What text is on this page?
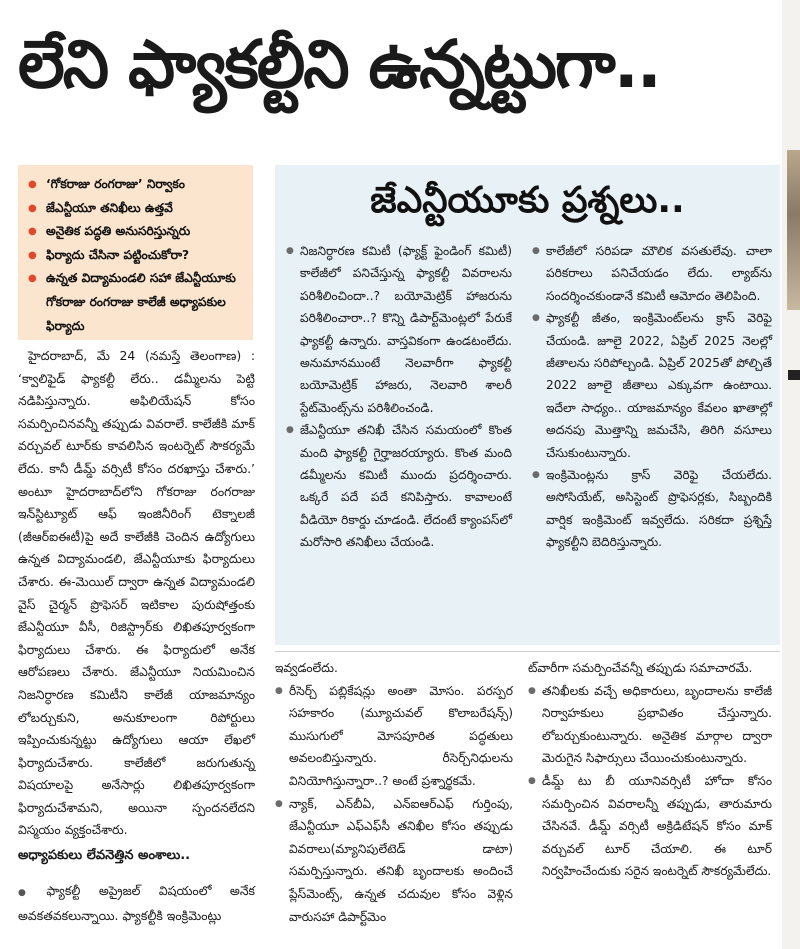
లేని ఫ్యాకల్టీని ఉన్నట్టుగా..
● ‘గోకరాజు రంగరాజు’ నిర్వాకం
● జేఎన్టీయూ తనిఖీలు ఉత్తవే
● అనైతిక పద్ధతి అనుసరిస్తున్నరు
● ఫిర్యాదు చేసినా పట్టించుకోరా?
● ఉన్నత విద్యామండలి సహా జేఎన్టీయూకు గోకరాజు రంగరాజు కాలేజీ అధ్యాపకుల ఫిర్యాదు

హైదరాబాద్, మే 24 (నమస్తే తెలంగాణ) : ‘క్వాలిఫైడ్ ఫ్యాకల్టీ లేరు.. డమ్మీలను పెట్టి నడిపిస్తున్నారు. అఫిలియేషన్ కోసం సమర్పించినవన్నీ తప్పుడు వివరాలే. కాలేజీకి మాక్ వర్చువల్ టూర్‌కు కావలిసిన ఇంటర్నెట్ సౌకర్యమే లేదు. కానీ డీమ్డ్ వర్సిటీ కోసం దరఖాస్తు చేశారు.’ అంటూ హైదరాబాద్‌లోని గోకరాజు రంగరాజు ఇన్‌స్టిట్యూట్ ఆఫ్ ఇంజినీరింగ్ టెక్నాలజీ (జీఆర్ఐఈటీ)పై అదే కాలేజీకి చెందిన ఉద్యోగులు ఉన్నత విద్యామండలి, జేఎన్టీయూకు ఫిర్యాదులు చేశారు. ఈ-మెయిల్ ద్వారా ఉన్నత విద్యామండలి వైస్ చైర్మన్ ప్రొఫెసర్ ఇటికాల పురుషోత్తంకు జేఎన్టీయూ వీసీ, రిజిస్ట్రార్‌కు లిఖితపూర్వకంగా ఫిర్యాదులు చేశారు. ఈ ఫిర్యాదులో అనేక ఆరోపణలు చేశారు. జేఎన్టీయూ నియమించిన నిజనిర్ధారణ కమిటీని కాలేజీ యాజమాన్యం లోబర్చుకుని, అనుకూలంగా రిపోర్టులు ఇప్పించుకున్నట్టు ఉద్యోగులు ఆయా లేఖలో ఫిర్యాదుచేశారు. కాలేజీలో జరుగుతున్న విషయాలపై అనేసార్లు లిఖితపూర్వకంగా ఫిర్యాదుచేశామని, అయినా స్పందనలేదని విస్మయం వ్యక్తంచేశారు.

అధ్యాపకులు లేవనెత్తిన అంశాలు..

● ఫ్యాకల్టీ అప్రైజల్ విషయంలో అనేక అవకతవకలున్నాయి. ఫ్యాకల్టీకి ఇంక్రిమెంట్లు

జేఎన్టీయూకు ప్రశ్నలు..
● నిజనిర్ధారణ కమిటీ (ఫ్యాక్ట్ ఫైండింగ్ కమిటీ) కాలేజీలో పనిచేస్తున్న ఫ్యాకల్టీ వివరాలను పరిశీలించిందా..? బయోమెట్రిక్ హాజరును పరిశీలించారా..? కొన్ని డిపార్ట్‌మెంట్లలో పేరుకే ఫ్యాకల్టీ ఉన్నారు. వాస్తవికంగా ఉండటంలేదు. అనుమానముంటే నెలవారీగా ఫ్యాకల్టీ బయోమెట్రిక్ హాజరు, నెలవారి శాలరీ స్టేట్‌మెంట్స్‌ను పరిశీలించండి.
● జేఎన్టీయూ తనిఖీ చేసిన సమయంలో కొంత మంది ఫ్యాకల్టీ గైర్హాజరయ్యారు. కొంత మంది డమ్మీలను కమిటీ ముందు ప్రదర్శించారు. ఒక్కరే పదే పదే కనిపిస్తారు. కావాలంటే వీడియో రికార్డు చూడండి. లేదంటే క్యాంపస్‌లో మరోసారి తనిఖీలు చేయండి.
● కాలేజీలో సరిపడా మౌలిక వసతులేవు. చాలా పరికరాలు పనిచేయడం లేదు. ల్యాబ్‌ను సందర్శించకుండానే కమిటీ ఆమోదం తెలిపింది.
● ఫ్యాకల్టీ జీతం, ఇంక్రిమెంట్‌లను క్రాస్ వెరిఫై చేయండి. జూలై 2022, ఏప్రిల్ 2025 నెలల్లో జీతాలను సరిపోల్చండి. ఏప్రిల్ 2025తో పోల్చితే 2022 జూలై జీతాలు ఎక్కువగా ఉంటాయి. ఇదేలా సాధ్యం.. యాజమాన్యం కేవలం ఖాతాల్లో అదనపు మొత్తాన్ని జమచేసి, తిరిగి వసూలు చేసుకుంటున్నారు.
● ఇంక్రిమెంట్లను క్రాస్ వెరిఫై చేయలేదు. అసోసియేట్, అసిస్టెంట్ ప్రొఫెసర్లకు, సిబ్బందికి వార్షిక ఇంక్రిమెంట్ ఇవ్వలేదు. సరికదా ప్రశ్నిస్తే ఫ్యాకల్టీని బెదిరిస్తున్నారు.

ఇవ్వడంలేదు.

● రీసెర్చ్ పబ్లికేషన్లు అంతా మోసం. పరస్పర సహకారం (మ్యూచువల్ కొలాబరేషన్స్) ముసుగులో మోసపూరిత పద్ధతులు అవలంబిస్తున్నారు. రీసెర్చ్‌నిధులను వినియోగిస్తున్నారా..? అంటే ప్రశ్నార్థకమే.
● న్యాక్, ఎన్‌బీఏ, ఎన్ఐఆర్ఎఫ్ గుర్తింపు, జేఎన్టీయూ ఎఫ్ఎఫ్‌సీ తనిఖీల కోసం తప్పుడు వివరాలు(మ్యానిపులేటెడ్ డాటా) సమర్పిస్తున్నారు. తనిఖీ బృందాలకు అందించే ప్లేస్‌మెంట్స్, ఉన్నత చదువుల కోసం వెళ్లిన వారుసహా డిపార్ట్‌మెం

ట్‌వారీగా సమర్పించేవన్నీ తప్పుడు సమాచారమే.

● తనిఖీలకు వచ్చే అధికారులు, బృందాలను కాలేజీ నిర్వాహకులు ప్రభావితం చేస్తున్నారు. లోబర్చుకుంటున్నారు. అనైతిక మార్గాల ద్వారా మెరుగైన సిఫార్సులు చేయించుకుంటున్నారు.
● డీమ్డ్ టు బీ యూనివర్సిటీ హోదా కోసం సమర్పించిన వివరాలన్నీ తప్పుడు, తారుమారు చేసినవే. డీమ్డ్ వర్సిటీ అక్రిడిటేషన్ కోసం మాక్ వర్చువల్ టూర్ చేయాలి. ఈ టూర్ నిర్వహించేందుకు సరైన ఇంటర్నెట్ సౌకర్యమేలేదు.
